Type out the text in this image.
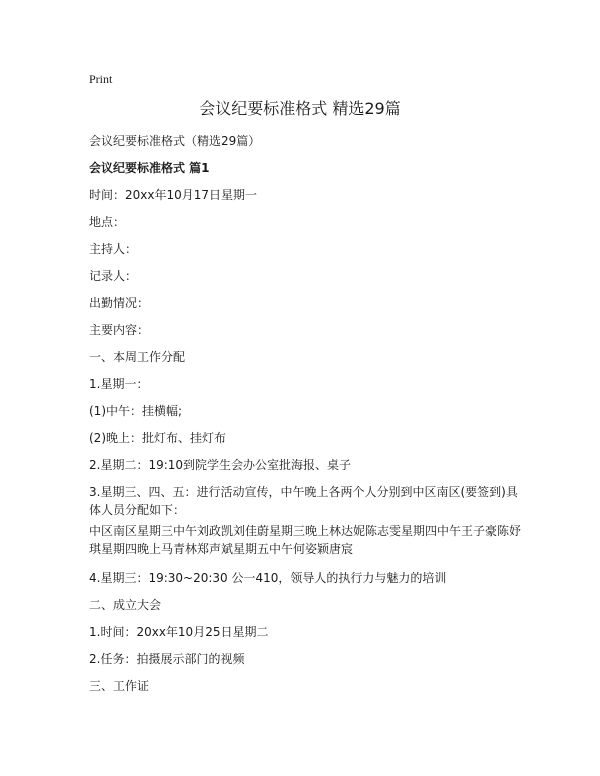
Print
会议纪要标准格式 精选29篇
会议纪要标准格式（精选29篇）
会议纪要标准格式 篇1
时间：20xx年10月17日星期一
地点：
主持人：
记录人：
出勤情况：
主要内容：
一、本周工作分配
1.星期一：
(1)中午：挂横幅;
(2)晚上：批灯布、挂灯布
2.星期二：19:10到院学生会办公室批海报、桌子
3.星期三、四、五：进行活动宣传，中午晚上各两个人分别到中区南区(要签到)具体人员分配如下：
中区南区星期三中午刘政凯刘佳蔚星期三晚上林达妮陈志雯星期四中午王子豪陈妤琪星期四晚上马青林郑声斌星期五中午何姿颖唐宸
4.星期三：19:30~20:30 公一410，领导人的执行力与魅力的培训
二、成立大会
1.时间：20xx年10月25日星期二
2.任务：拍摄展示部门的视频
三、工作证
